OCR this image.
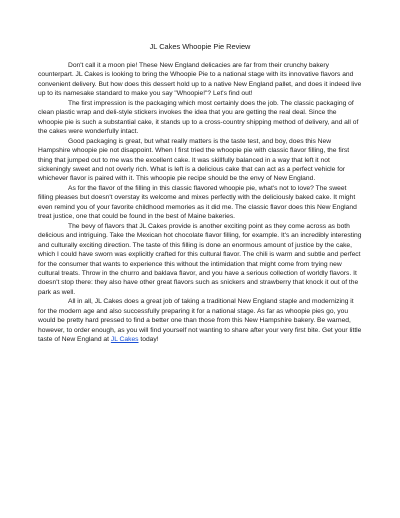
JL Cakes Whoopie Pie Review

Don't call it a moon pie! These New England delicacies are far from their crunchy bakery counterpart. JL Cakes is looking to bring the Whoopie Pie to a national stage with its innovative flavors and convenient delivery. But how does this dessert hold up to a native New England pallet, and does it indeed live up to its namesake standard to make you say "Whoopie!"? Let's find out!

The first impression is the packaging which most certainly does the job. The classic packaging of clean plastic wrap and deli-style stickers invokes the idea that you are getting the real deal. Since the whoopie pie is such a substantial cake, it stands up to a cross-country shipping method of delivery, and all of the cakes were wonderfully intact.

Good packaging is great, but what really matters is the taste test, and boy, does this New Hampshire whoopie pie not disappoint. When I first tried the whoopie pie with classic flavor filling, the first thing that jumped out to me was the excellent cake. It was skillfully balanced in a way that left it not sickeningly sweet and not overly rich. What is left is a delicious cake that can act as a perfect vehicle for whichever flavor is paired with it. This whoopie pie recipe should be the envy of New England.

As for the flavor of the filling in this classic flavored whoopie pie, what's not to love? The sweet filling pleases but doesn't overstay its welcome and mixes perfectly with the deliciously baked cake. It might even remind you of your favorite childhood memories as it did me. The classic flavor does this New England treat justice, one that could be found in the best of Maine bakeries.

The bevy of flavors that JL Cakes provide is another exciting point as they come across as both delicious and intriguing. Take the Mexican hot chocolate flavor filling, for example. It's an incredibly interesting and culturally exciting direction. The taste of this filling is done an enormous amount of justice by the cake, which I could have sworn was explicitly crafted for this cultural flavor. The chili is warm and subtle and perfect for the consumer that wants to experience this without the intimidation that might come from trying new cultural treats. Throw in the churro and baklava flavor, and you have a serious collection of worldly flavors. It doesn't stop there: they also have other great flavors such as snickers and strawberry that knock it out of the park as well.

All in all, JL Cakes does a great job of taking a traditional New England staple and modernizing it for the modern age and also successfully preparing it for a national stage. As far as whoopie pies go, you would be pretty hard pressed to find a better one than those from this New Hampshire bakery. Be warned, however, to order enough, as you will find yourself not wanting to share after your very first bite. Get your little taste of New England at JL Cakes today!
